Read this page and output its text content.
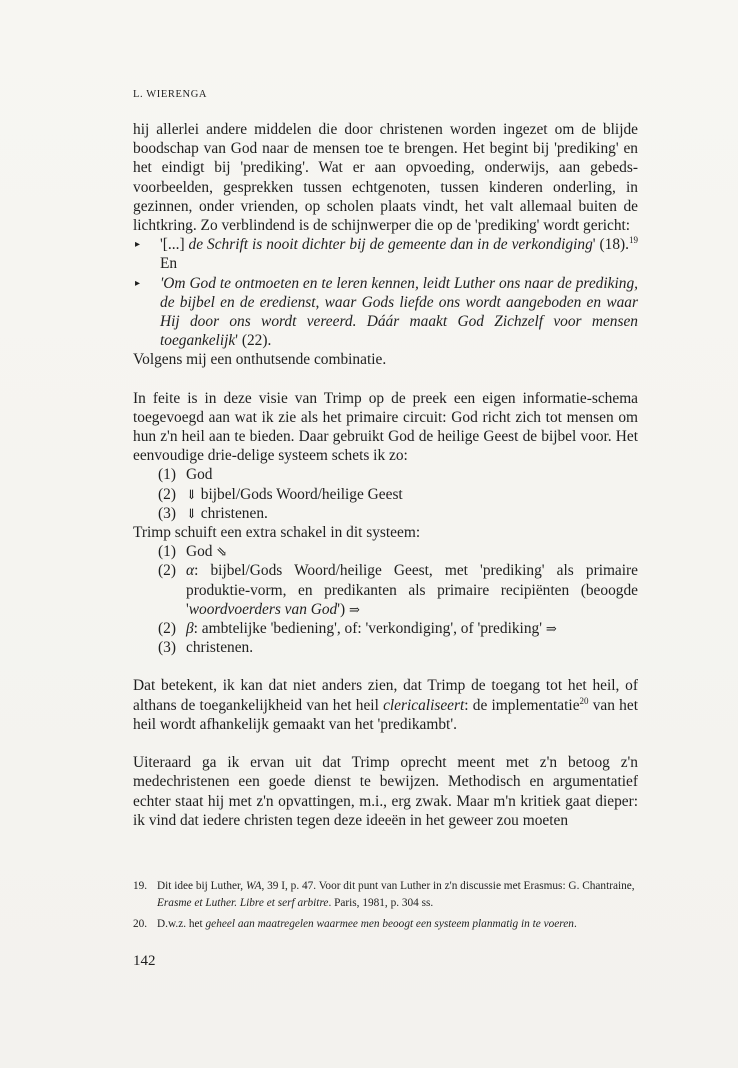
L. WIERENGA

hij allerlei andere middelen die door christenen worden ingezet om de blijde boodschap van God naar de mensen toe te brengen. Het begint bij 'prediking' en het eindigt bij 'prediking'. Wat er aan opvoeding, onderwijs, aan gebeds-voorbeelden, gesprekken tussen echtgenoten, tussen kinderen onderling, in gezinnen, onder vrienden, op scholen plaats vindt, het valt allemaal buiten de lichtkring. Zo verblindend is de schijnwerper die op de 'prediking' wordt gericht:

▸ '[...] de Schrift is nooit dichter bij de gemeente dan in de verkondiging' (18).$^{19}$ En
▸ 'Om God te ontmoeten en te leren kennen, leidt Luther ons naar de prediking, de bijbel en de eredienst, waar Gods liefde ons wordt aangeboden en waar Hij door ons wordt vereerd. Dáár maakt God Zichzelf voor mensen toegankelijk' (22).

Volgens mij een onthutsende combinatie.

In feite is in deze visie van Trimp op de preek een eigen informatie-schema toegevoegd aan wat ik zie als het primaire circuit: God richt zich tot mensen om hun z'n heil aan te bieden. Daar gebruikt God de heilige Geest de bijbel voor. Het eenvoudige drie-delige systeem schets ik zo:

(1) God
(2) ⇓ bijbel/Gods Woord/heilige Geest
(3) ⇓ christenen.

Trimp schuift een extra schakel in dit systeem:

(1) God ⇘
(2) α: bijbel/Gods Woord/heilige Geest, met 'prediking' als primaire produktie-vorm, en predikanten als primaire recipiënten (beoogde 'woordvoerders van God') ⇒
(2) β: ambtelijke 'bediening', of: 'verkondiging', of 'prediking' ⇒
(3) christenen.

Dat betekent, ik kan dat niet anders zien, dat Trimp de toegang tot het heil, of althans de toegankelijkheid van het heil clericaliseert: de implementatie$^{20}$ van het heil wordt afhankelijk gemaakt van het 'predikambt'.

Uiteraard ga ik ervan uit dat Trimp oprecht meent met z'n betoog z'n medechristenen een goede dienst te bewijzen. Methodisch en argumentatief echter staat hij met z'n opvattingen, m.i., erg zwak. Maar m'n kritiek gaat dieper: ik vind dat iedere christen tegen deze ideeën in het geweer zou moeten

19. Dit idee bij Luther, WA, 39 I, p. 47. Voor dit punt van Luther in z'n discussie met Erasmus: G. Chantraine, Erasme et Luther. Libre et serf arbitre. Paris, 1981, p. 304 ss.
20. D.w.z. het geheel aan maatregelen waarmee men beoogt een systeem planmatig in te voeren.
142
